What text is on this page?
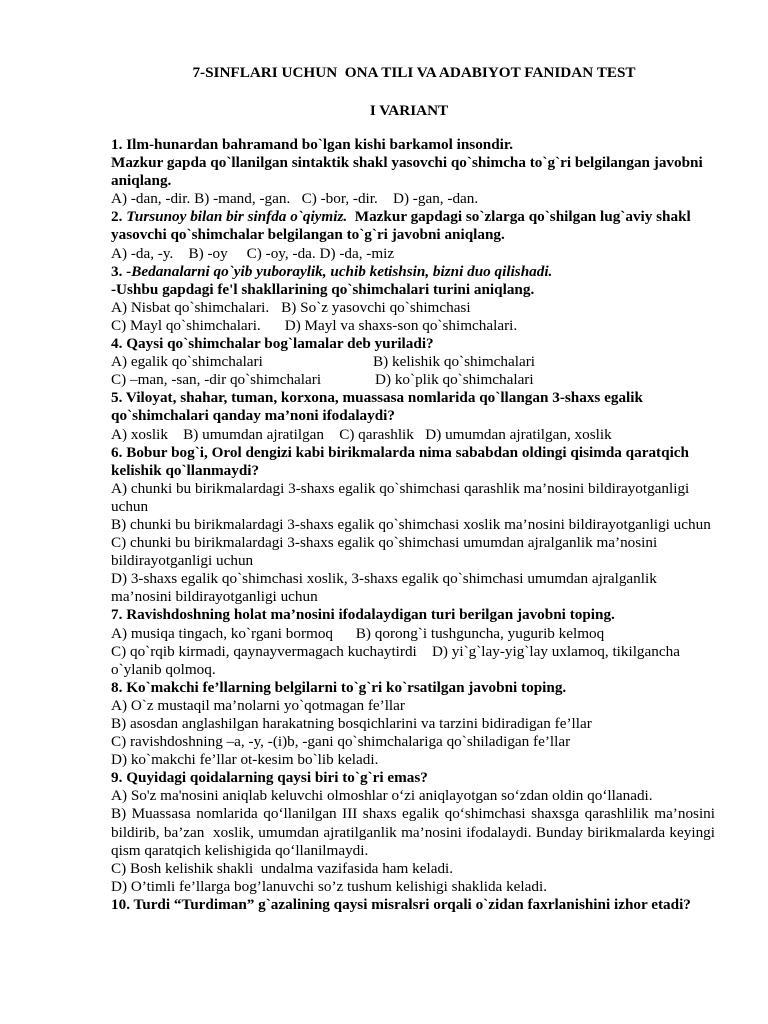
7-SINFLARI UCHUN  ONA TILI VA ADABIYOT FANIDAN TEST
I VARIANT

1. Ilm-hunardan bahramand bo`lgan kishi barkamol insondir.

Mazkur gapda qo`llanilgan sintaktik shakl yasovchi qo`shimcha to`g`ri belgilangan javobni aniqlang.

A) -dan, -dir. B) -mand, -gan.   C) -bor, -dir.    D) -gan, -dan.

2. Tursunoy bilan bir sinfda o`qiymiz.  Mazkur gapdagi so`zlarga qo`shilgan lug`aviy shakl yasovchi qo`shimchalar belgilangan to`g`ri javobni aniqlang.

A) -da, -y.    B) -oy     C) -oy, -da. D) -da, -miz

3. -Bedanalarni qo`yib yuboraylik, uchib ketishsin, bizni duo qilishadi.

-Ushbu gapdagi fe'l shakllarining qo`shimchalari turini aniqlang.

A) Nisbat qo`shimchalari. B) So`z yasovchi qo`shimchasi

C) Mayl qo`shimchalari. D) Mayl va shaxs-son qo`shimchalari.

4. Qaysi qo`shimchalar bog`lamalar deb yuriladi?

A) egalik qo`shimchalari	B) kelishik qo`shimchalari

C) –man, -san, -dir qo`shimchalari	D) ko`plik qo`shimchalari

5. Viloyat, shahar, tuman, korxona, muassasa nomlarida qo`llangan 3-shaxs egalik qo`shimchalari qanday ma’noni ifodalaydi?

A) xoslik    B) umumdan ajratilgan    C) qarashlik   D) umumdan ajratilgan, xoslik

6. Bobur bog`i, Orol dengizi kabi birikmalarda nima sababdan oldingi qisimda qaratqich kelishik qo`llanmaydi?

A) chunki bu birikmalardagi 3-shaxs egalik qo`shimchasi qarashlik ma’nosini bildirayotganligi uchun

B) chunki bu birikmalardagi 3-shaxs egalik qo`shimchasi xoslik ma’nosini bildirayotganligi uchun

C) chunki bu birikmalardagi 3-shaxs egalik qo`shimchasi umumdan ajralganlik ma’nosini bildirayotganligi uchun

D) 3-shaxs egalik qo`shimchasi xoslik, 3-shaxs egalik qo`shimchasi umumdan ajralganlik ma’nosini bildirayotganligi uchun

7. Ravishdoshning holat ma’nosini ifodalaydigan turi berilgan javobni toping.

A) musiqa tingach, ko`rgani bormoq      B) qorong`i tushguncha, yugurib kelmoq

C) qo`rqib kirmadi, qaynayvermagach kuchaytirdi    D) yi`g`lay-yig`lay uxlamoq, tikilgancha o`ylanib qolmoq.

8. Ko`makchi fe’llarning belgilarni to`g`ri ko`rsatilgan javobni toping.

A) O`z mustaqil ma’nolarni yo`qotmagan fe’llar

B) asosdan anglashilgan harakatning bosqichlarini va tarzini bidiradigan fe’llar

C) ravishdoshning –a, -y, -(i)b, -gani qo`shimchalariga qo`shiladigan fe’llar

D) ko`makchi fe’llar ot-kesim bo`lib keladi.

9. Quyidagi qoidalarning qaysi biri to`g`ri emas?

A) So'z ma'nosini aniqlab keluvchi olmoshlar o‘zi aniqlayotgan so‘zdan oldin qo‘llanadi.

B) Muassasa nomlarida qo‘llanilgan III shaxs egalik qo‘shimchasi shaxsga qarashlilik ma’nosini bildirib, ba’zan  xoslik, umumdan ajratilganlik ma’nosini ifodalaydi. Bunday birikmalarda keyingi qism qaratqich kelishigida qo‘llanilmaydi.

C) Bosh kelishik shakli  undalma vazifasida ham keladi.

D) O’timli fe’llarga bog’lanuvchi so’z tushum kelishigi shaklida keladi.

10. Turdi “Turdiman” g`azalining qaysi misralsri orqali o`zidan faxrlanishini izhor etadi?
